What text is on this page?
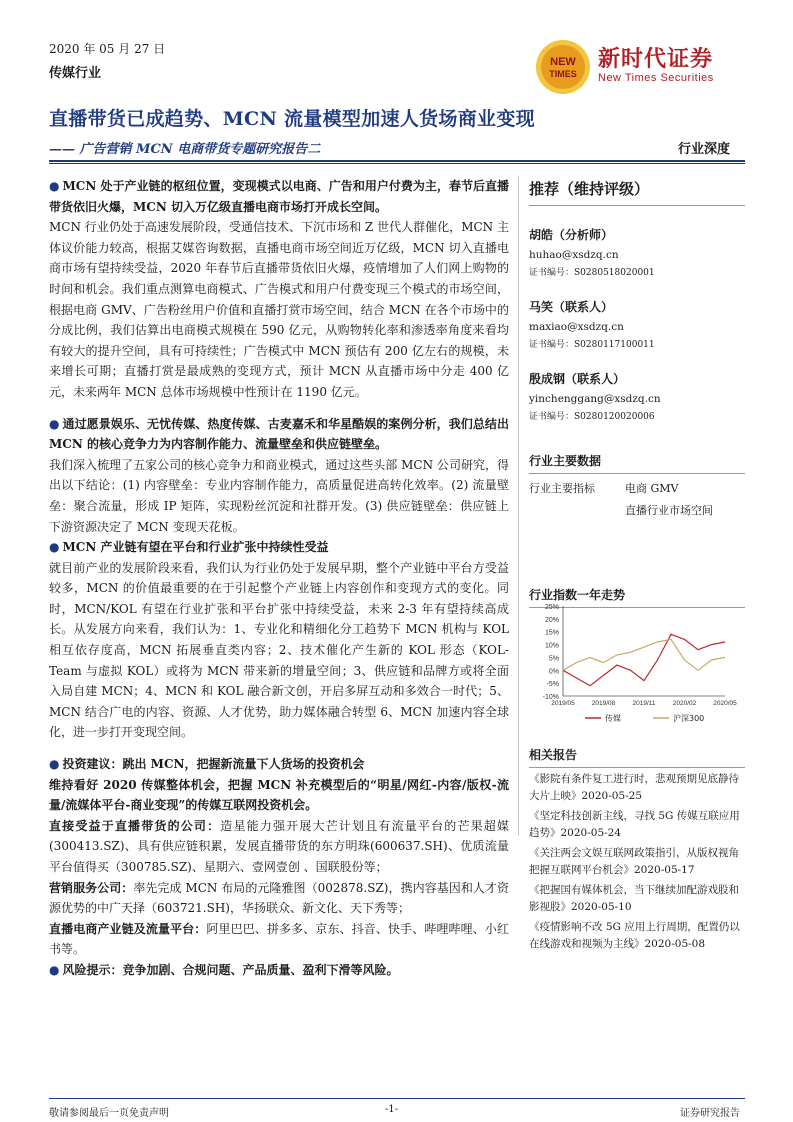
2020 年 05 月 27 日
传媒行业
NEW
TIMES
新时代证券
New Times Securities
直播带货已成趋势、MCN 流量模型加速人货场商业变现
—— 广告营销 MCN 电商带货专题研究报告二	行业深度
● MCN 处于产业链的枢纽位置，变现模式以电商、广告和用户付费为主，春节后直播带货依旧火爆，MCN 切入万亿级直播电商市场打开成长空间。
MCN 行业仍处于高速发展阶段，受通信技术、下沉市场和 Z 世代人群催化，MCN 主体议价能力较高，根据艾媒咨询数据，直播电商市场空间近万亿级，MCN 切入直播电商市场有望持续受益，2020 年春节后直播带货依旧火爆，疫情增加了人们网上购物的时间和机会。我们重点测算电商模式、广告模式和用户付费变现三个模式的市场空间，根据电商 GMV、广告粉丝用户价值和直播打赏市场空间，结合 MCN 在各个市场中的分成比例，我们估算出电商模式规模在 590 亿元，从购物转化率和渗透率角度来看均有较大的提升空间，具有可持续性；广告模式中 MCN 预估有 200 亿左右的规模，未来增长可期；直播打赏是最成熟的变现方式，预计 MCN 从直播市场中分走 400 亿元，未来两年 MCN 总体市场规模中性预计在 1190 亿元。
● 通过愿景娱乐、无忧传媒、热度传媒、古麦嘉禾和华星酷娱的案例分析，我们总结出 MCN 的核心竞争力为内容制作能力、流量壁垒和供应链壁垒。
我们深入梳理了五家公司的核心竞争力和商业模式，通过这些头部 MCN 公司研究，得出以下结论：(1) 内容壁垒：专业内容制作能力，高质量促进高转化效率。(2) 流量壁垒：聚合流量，形成 IP 矩阵，实现粉丝沉淀和社群开发。(3) 供应链壁垒：供应链上下游资源决定了 MCN 变现天花板。
● MCN 产业链有望在平台和行业扩张中持续性受益
就目前产业的发展阶段来看，我们认为行业仍处于发展早期，整个产业链中平台方受益较多，MCN 的价值最重要的在于引起整个产业链上内容创作和变现方式的变化。同时，MCN/KOL 有望在行业扩张和平台扩张中持续受益，未来 2-3 年有望持续高成长。从发展方向来看，我们认为：1、专业化和精细化分工趋势下 MCN 机构与 KOL 相互依存度高，MCN 拓展垂直类内容；2、技术催化产生新的 KOL 形态（KOL-Team 与虚拟 KOL）或将为 MCN 带来新的增量空间；3、供应链和品牌方或将全面入局自建 MCN；4、MCN 和 KOL 融合新文创，开启多屏互动和多效合一时代；5、MCN 结合广电的内容、资源、人才优势，助力媒体融合转型 6、MCN 加速内容全球化，进一步打开变现空间。
● 投资建议：跳出 MCN，把握新流量下人货场的投资机会
维持看好 2020 传媒整体机会，把握 MCN 补充模型后的“明星/网红-内容/版权-流量/流媒体平台-商业变现”的传媒互联网投资机会。
直接受益于直播带货的公司：造星能力强开展大芒计划且有流量平台的芒果超媒(300413.SZ)、具有供应链积累，发展直播带货的东方明珠(600637.SH)、优质流量平台值得买（300785.SZ)、星期六、壹网壹创 、国联股份等；
营销服务公司：率先完成 MCN 布局的元隆雅图（002878.SZ)，携内容基因和人才资源优势的中广天择（603721.SH)，华扬联众、新文化、天下秀等；
直播电商产业链及流量平台：阿里巴巴、拼多多、京东、抖音、快手、哔哩哔哩、小红书等。
● 风险提示：竞争加剧、合规问题、产品质量、盈利下滑等风险。
推荐（维持评级）
胡皓（分析师）
huhao@xsdzq.cn
证书编号：S0280518020001
马笑（联系人）
maxiao@xsdzq.cn
证书编号：S0280117100011
殷成钢（联系人）
yinchenggang@xsdzq.cn
证书编号：S0280120020006
行业主要数据
行业主要指标	电商 GMV
直播行业市场空间
行业指数一年走势
25%
20%
15%
10%
5%
0%
-5%
-10%
2019/05	2019/08	2019/11	2020/02	2020/05
传媒	沪深300
相关报告
《影院有条件复工进行时，悲观预期见底静待大片上映》2020-05-25
《坚定科技创新主线，寻找 5G 传媒互联应用趋势》2020-05-24
《关注两会文娱互联网政策指引，从版权视角把握互联网平台机会》2020-05-17
《把握国有媒体机会，当下继续加配游戏股和影视股》2020-05-10
《疫情影响不改 5G 应用上行周期，配置仍以在线游戏和视频为主线》2020-05-08
敬请参阅最后一页免责声明	-1-	证券研究报告
